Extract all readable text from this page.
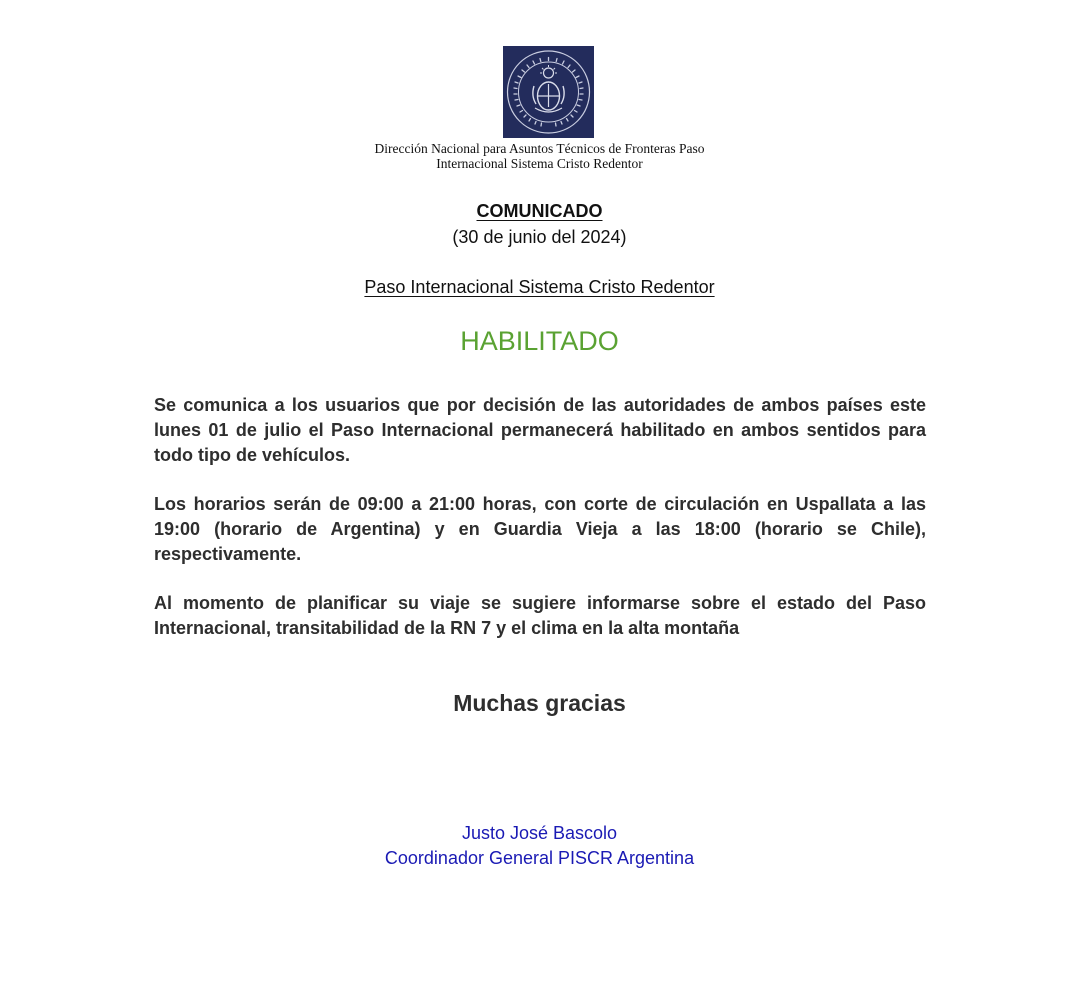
Dirección Nacional para Asuntos Técnicos de Fronteras Paso
Internacional Sistema Cristo Redentor
COMUNICADO
(30 de junio del 2024)
Paso Internacional Sistema Cristo Redentor
HABILITADO
Se comunica a los usuarios que por decisión de las autoridades de ambos países este lunes 01 de julio el Paso Internacional permanecerá habilitado en ambos sentidos para todo tipo de vehículos.
Los horarios serán de 09:00 a 21:00 horas, con corte de circulación en Uspallata a las 19:00 (horario de Argentina) y en Guardia Vieja a las 18:00 (horario se Chile), respectivamente.
Al momento de planificar su viaje se sugiere informarse sobre el estado del Paso Internacional, transitabilidad de la RN 7 y el clima en la alta montaña
Muchas gracias
Justo José Bascolo
Coordinador General PISCR Argentina
